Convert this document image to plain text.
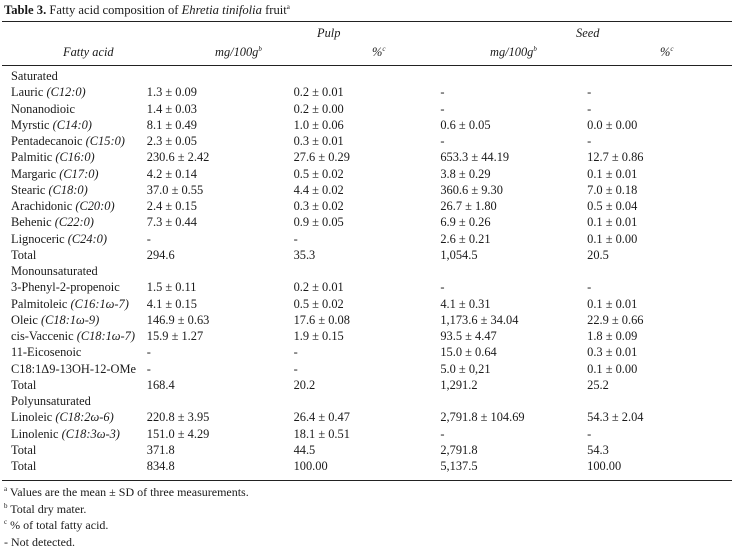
Table 3. Fatty acid composition of Ehretia tinifolia fruit$^a$
Pulp	Seed
Fatty acid	$mg/100g^b$	%$^c$	$mg/100g^b$	%$^c$
Saturated				
Lauric (C12:0)	1.3 ± 0.09	0.2 ± 0.01	-	-
Nonanodioic	1.4 ± 0.03	0.2 ± 0.00	-	-
Myrstic (C14:0)	8.1 ± 0.49	1.0 ± 0.06	0.6 ± 0.05	0.0 ± 0.00
Pentadecanoic (C15:0)	2.3 ± 0.05	0.3 ± 0.01	-	-
Palmitic (C16:0)	230.6 ± 2.42	27.6 ± 0.29	653.3 ± 44.19	12.7 ± 0.86
Margaric (C17:0)	4.2 ± 0.14	0.5 ± 0.02	3.8 ± 0.29	0.1 ± 0.01
Stearic (C18:0)	37.0 ± 0.55	4.4 ± 0.02	360.6 ± 9.30	7.0 ± 0.18
Arachidonic (C20:0)	2.4 ± 0.15	0.3 ± 0.02	26.7 ± 1.80	0.5 ± 0.04
Behenic (C22:0)	7.3 ± 0.44	0.9 ± 0.05	6.9 ± 0.26	0.1 ± 0.01
Lignoceric (C24:0)	-	-	2.6 ± 0.21	0.1 ± 0.00
Total	294.6	35.3	1,054.5	20.5
Monounsaturated				
3-Phenyl-2-propenoic	1.5 ± 0.11	0.2 ± 0.01	-	-
Palmitoleic (C16:1ω-7)	4.1 ± 0.15	0.5 ± 0.02	4.1 ± 0.31	0.1 ± 0.01
Oleic (C18:1ω-9)	146.9 ± 0.63	17.6 ± 0.08	1,173.6 ± 34.04	22.9 ± 0.66
cis-Vaccenic (C18:1ω-7)	15.9 ± 1.27	1.9 ± 0.15	93.5 ± 4.47	1.8 ± 0.09
11-Eicosenoic	-	-	15.0 ± 0.64	0.3 ± 0.01
C18:1Δ9-13OH-12-OMe	-	-	5.0 ± 0,21	0.1 ± 0.00
Total	168.4	20.2	1,291.2	25.2
Polyunsaturated				
Linoleic (C18:2ω-6)	220.8 ± 3.95	26.4 ± 0.47	2,791.8 ± 104.69	54.3 ± 2.04
Linolenic (C18:3ω-3)	151.0 ± 4.29	18.1 ± 0.51	-	-
Total	371.8	44.5	2,791.8	54.3
Total	834.8	100.00	5,137.5	100.00
$^a$ Values are the mean ± SD of three measurements.
$^b$ Total dry mater.
$^c$ % of total fatty acid.
- Not detected.
